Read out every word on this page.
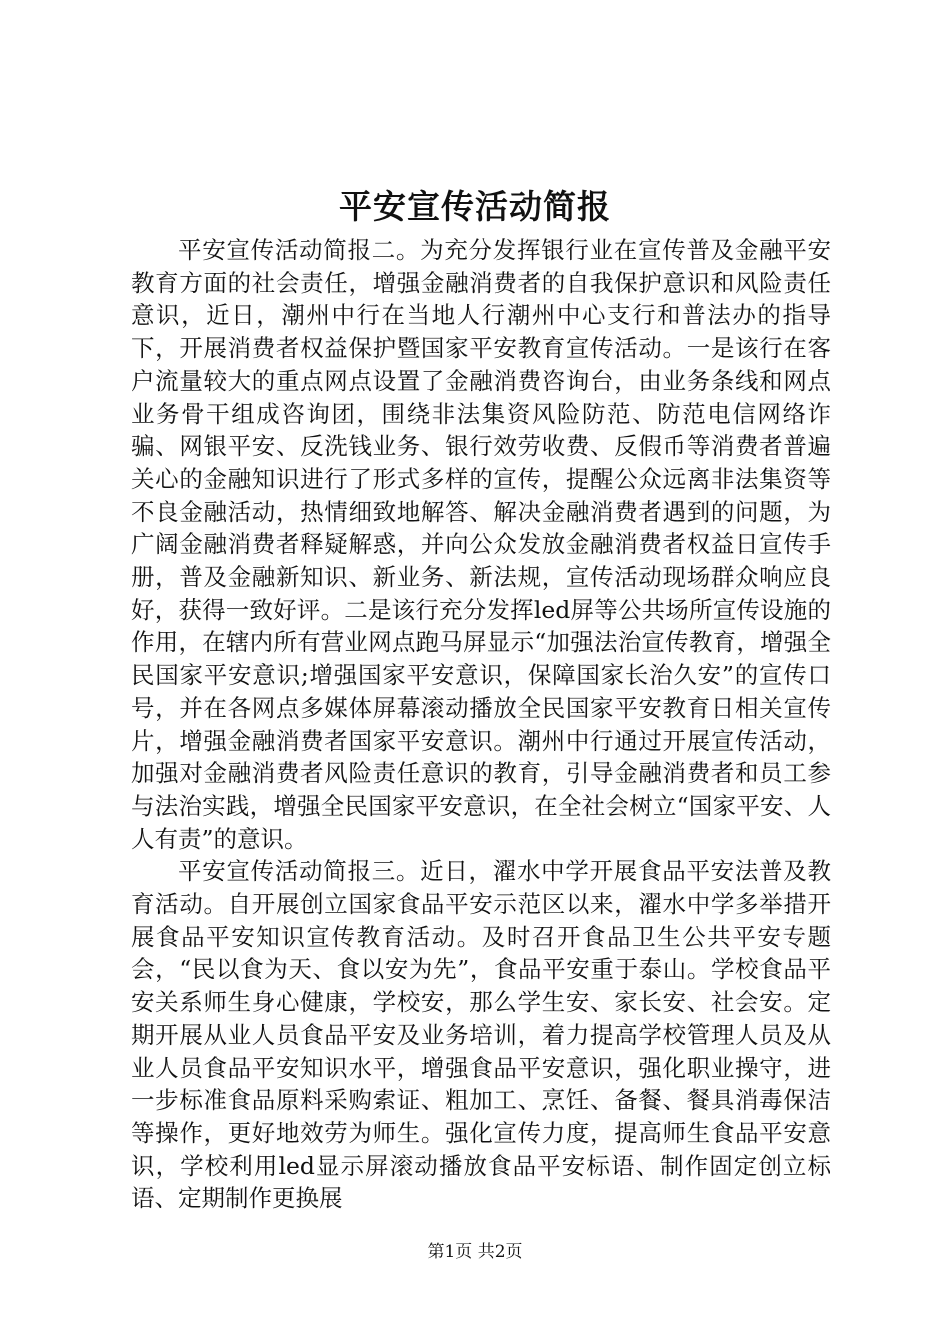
平安宣传活动简报

平安宣传活动简报二。为充分发挥银行业在宣传普及金融平安教育方面的社会责任，增强金融消费者的自我保护意识和风险责任意识，近日，潮州中行在当地人行潮州中心支行和普法办的指导下，开展消费者权益保护暨国家平安教育宣传活动。一是该行在客户流量较大的重点网点设置了金融消费咨询台，由业务条线和网点业务骨干组成咨询团，围绕非法集资风险防范、防范电信网络诈骗、网银平安、反洗钱业务、银行效劳收费、反假币等消费者普遍关心的金融知识进行了形式多样的宣传，提醒公众远离非法集资等不良金融活动，热情细致地解答、解决金融消费者遇到的问题，为广阔金融消费者释疑解惑，并向公众发放金融消费者权益日宣传手册，普及金融新知识、新业务、新法规，宣传活动现场群众响应良好，获得一致好评。二是该行充分发挥led屏等公共场所宣传设施的作用，在辖内所有营业网点跑马屏显示“加强法治宣传教育，增强全民国家平安意识;增强国家平安意识，保障国家长治久安”的宣传口号，并在各网点多媒体屏幕滚动播放全民国家平安教育日相关宣传片，增强金融消费者国家平安意识。潮州中行通过开展宣传活动，加强对金融消费者风险责任意识的教育，引导金融消费者和员工参与法治实践，增强全民国家平安意识，在全社会树立“国家平安、人人有责”的意识。

平安宣传活动简报三。近日，濯水中学开展食品平安法普及教育活动。自开展创立国家食品平安示范区以来，濯水中学多举措开展食品平安知识宣传教育活动。及时召开食品卫生公共平安专题会，“民以食为天、食以安为先”，食品平安重于泰山。学校食品平安关系师生身心健康，学校安，那么学生安、家长安、社会安。定期开展从业人员食品平安及业务培训，着力提高学校管理人员及从业人员食品平安知识水平，增强食品平安意识，强化职业操守，进一步标准食品原料采购索证、粗加工、烹饪、备餐、餐具消毒保洁等操作，更好地效劳为师生。强化宣传力度，提高师生食品平安意识，学校利用led显示屏滚动播放食品平安标语、制作固定创立标语、定期制作更换展

第1页 共2页
